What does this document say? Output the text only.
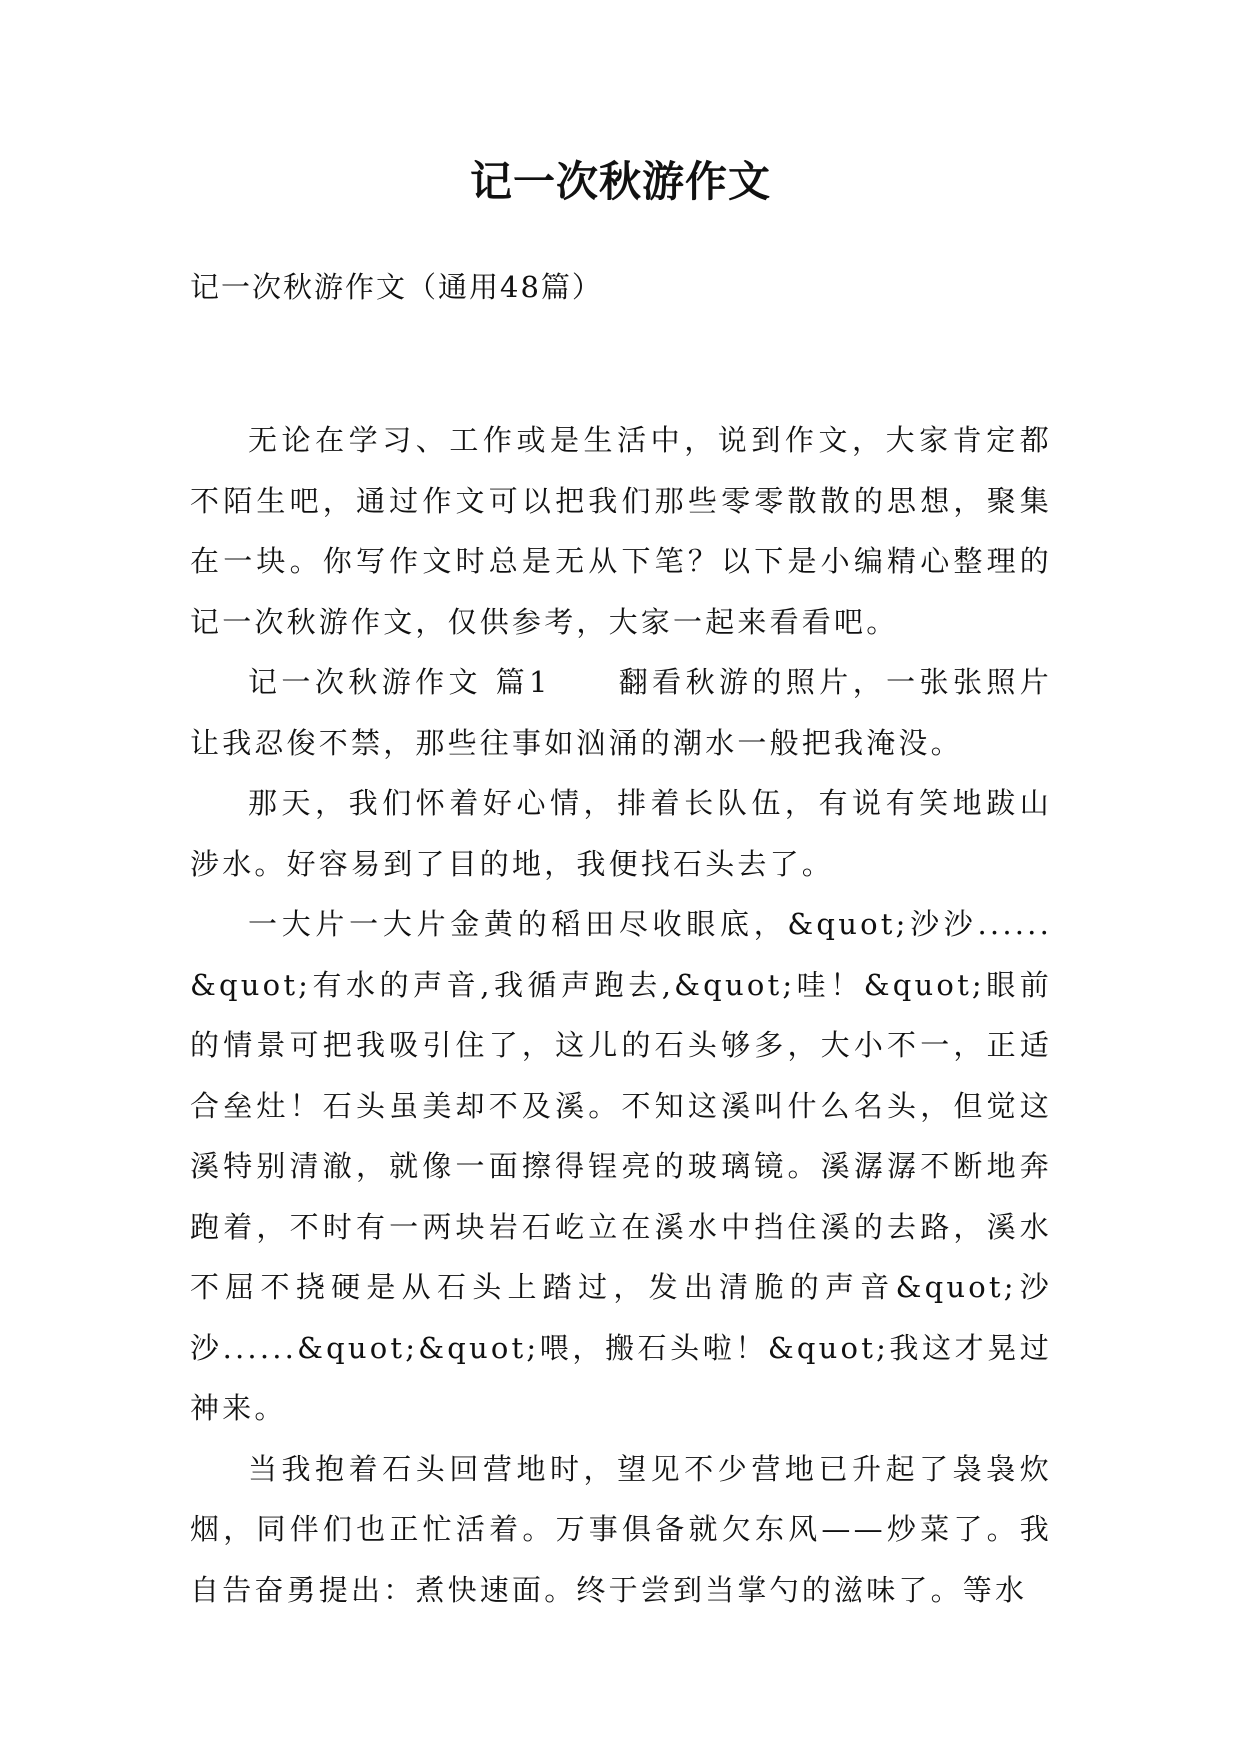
记一次秋游作文

记一次秋游作文（通用48篇）

无论在学习、工作或是生活中，说到作文，大家肯定都不陌生吧，通过作文可以把我们那些零零散散的思想，聚集在一块。你写作文时总是无从下笔？以下是小编精心整理的记一次秋游作文，仅供参考，大家一起来看看吧。

记一次秋游作文 篇1　　翻看秋游的照片，一张张照片让我忍俊不禁，那些往事如汹涌的潮水一般把我淹没。

那天，我们怀着好心情，排着长队伍，有说有笑地跋山涉水。好容易到了目的地，我便找石头去了。

一大片一大片金黄的稻田尽收眼底，&quot;沙沙......&quot;有水的声音,我循声跑去,&quot;哇！&quot;眼前的情景可把我吸引住了，这儿的石头够多，大小不一，正适合垒灶！石头虽美却不及溪。不知这溪叫什么名头，但觉这溪特别清澈，就像一面擦得锃亮的玻璃镜。溪潺潺不断地奔跑着，不时有一两块岩石屹立在溪水中挡住溪的去路，溪水不屈不挠硬是从石头上踏过，发出清脆的声音&quot;沙沙......&quot;&quot;喂，搬石头啦！&quot;我这才晃过神来。

当我抱着石头回营地时，望见不少营地已升起了袅袅炊烟，同伴们也正忙活着。万事俱备就欠东风——炒菜了。我自告奋勇提出：煮快速面。终于尝到当掌勺的滋味了。等水
